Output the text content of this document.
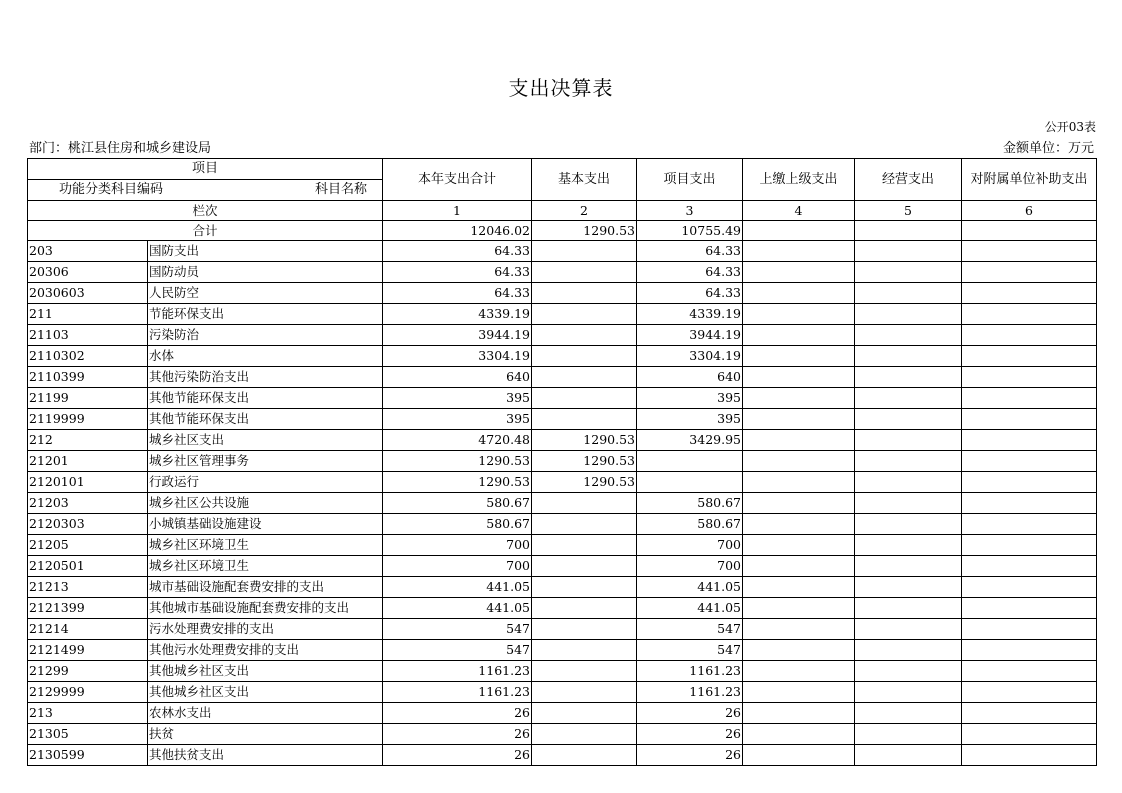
支出决算表
公开03表
部门：桃江县住房和城乡建设局	金额单位：万元
项目		本年支出合计	基本支出	项目支出	上缴上级支出	经营支出	对附属单位补助支出

功能分类科目编码 科目名称							

栏次		1	2	3	4	5	6
合计		12046.02	1290.53	10755.49			
203	国防支出	64.33		64.33			
20306	国防动员	64.33		64.33			
2030603	人民防空	64.33		64.33			
211	节能环保支出	4339.19		4339.19			
21103	污染防治	3944.19		3944.19			
2110302	水体	3304.19		3304.19			
2110399	其他污染防治支出	640		640			
21199	其他节能环保支出	395		395			
2119999	其他节能环保支出	395		395			
212	城乡社区支出	4720.48	1290.53	3429.95			
21201	城乡社区管理事务	1290.53	1290.53				
2120101	行政运行	1290.53	1290.53				
21203	城乡社区公共设施	580.67		580.67			
2120303	小城镇基础设施建设	580.67		580.67			
21205	城乡社区环境卫生	700		700			
2120501	城乡社区环境卫生	700		700			
21213	城市基础设施配套费安排的支出	441.05		441.05			
2121399	其他城市基础设施配套费安排的支出	441.05		441.05			
21214	污水处理费安排的支出	547		547			
2121499	其他污水处理费安排的支出	547		547			
21299	其他城乡社区支出	1161.23		1161.23			
2129999	其他城乡社区支出	1161.23		1161.23			
213	农林水支出	26		26			
21305	扶贫	26		26			
2130599	其他扶贫支出	26		26			
